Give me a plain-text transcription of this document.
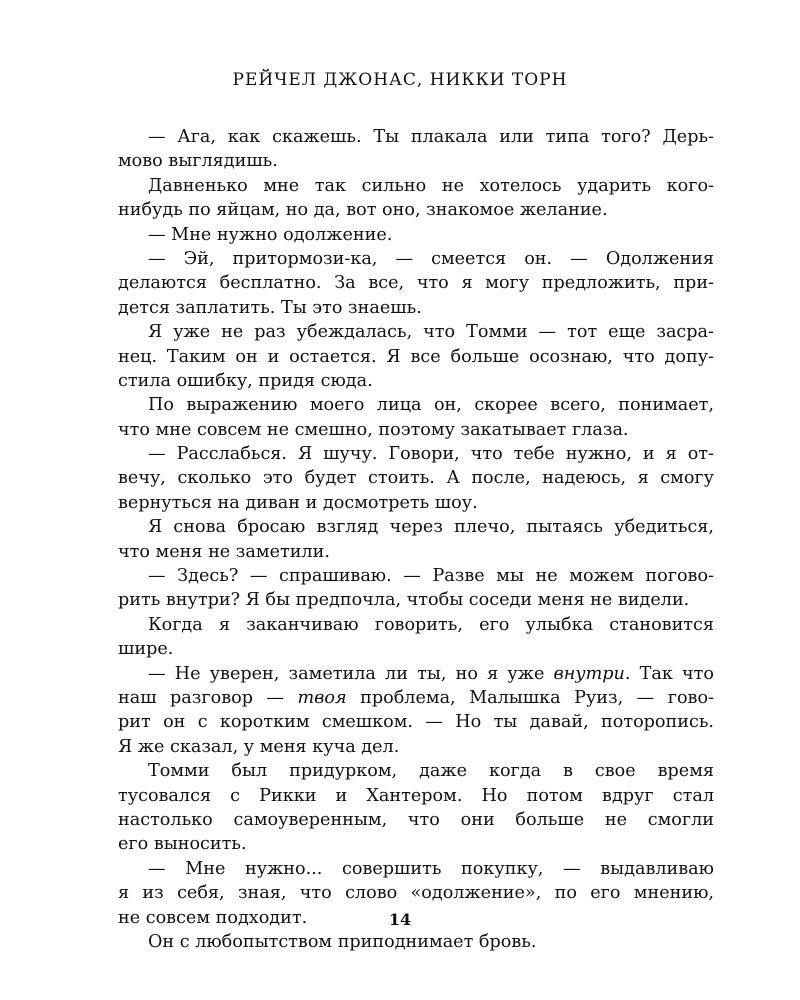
РЕЙЧЕЛ ДЖОНАС, НИККИ ТОРН
— Ага, как скажешь. Ты плакала или типа того? Дерь-
мово выглядишь.
Давненько мне так сильно не хотелось ударить кого-
нибудь по яйцам, но да, вот оно, знакомое желание.
— Мне нужно одолжение.
— Эй, притормози-ка, — смеется он. — Одолжения
делаются бесплатно. За все, что я могу предложить, при-
дется заплатить. Ты это знаешь.
Я уже не раз убеждалась, что Томми — тот еще засра-
нец. Таким он и остается. Я все больше осознаю, что допу-
стила ошибку, придя сюда.
По выражению моего лица он, скорее всего, понимает,
что мне совсем не смешно, поэтому закатывает глаза.
— Расслабься. Я шучу. Говори, что тебе нужно, и я от-
вечу, сколько это будет стоить. А после, надеюсь, я смогу
вернуться на диван и досмотреть шоу.
Я снова бросаю взгляд через плечо, пытаясь убедиться,
что меня не заметили.
— Здесь? — спрашиваю. — Разве мы не можем погово-
рить внутри? Я бы предпочла, чтобы соседи меня не видели.
Когда я заканчиваю говорить, его улыбка становится
шире.
— Не уверен, заметила ли ты, но я уже внутри. Так что
наш разговор — твоя проблема, Малышка Руиз, — гово-
рит он с коротким смешком. — Но ты давай, поторопись.
Я же сказал, у меня куча дел.
Томми был придурком, даже когда в свое время
тусовался с Рикки и Хантером. Но потом вдруг стал
настолько самоуверенным, что они больше не смогли
его выносить.
— Мне нужно... совершить покупку, — выдавливаю
я из себя, зная, что слово «одолжение», по его мнению,
не совсем подходит.
Он с любопытством приподнимает бровь.
14
